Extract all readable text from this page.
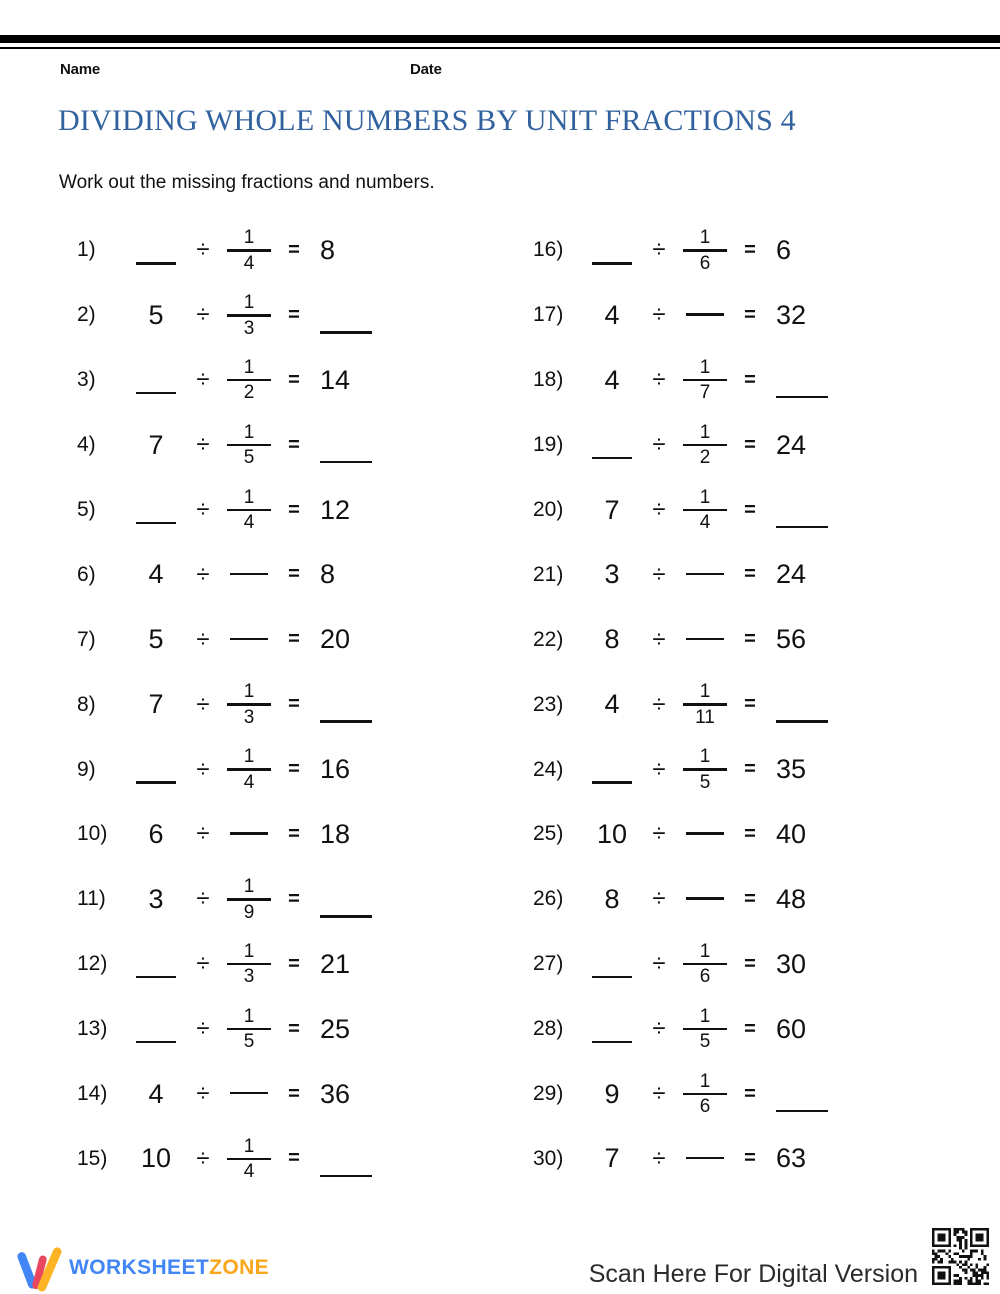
Name	Date
DIVIDING WHOLE NUMBERS BY UNIT FRACTIONS 4
Work out the missing fractions and numbers.
1)	÷ $\frac{1}{4} = 8$
2)	5	÷ $\frac{1}{3}$ =
3)	÷ $\frac{1}{2} = 14$
4)	7	÷ $\frac{1}{5}$ =
5)	÷ $\frac{1}{4} = 12$
6)	4	÷	= 8
7)	5	÷	= 20
8)	7	÷ $\frac{1}{3}$ =
9)	÷ $\frac{1}{4} = 16$
10)	6	÷	= 18
11)	3	÷ $\frac{1}{9}$ =
12)	÷ $\frac{1}{3} = 21$
13)	÷ $\frac{1}{5} = 25$
14)	4	÷	= 36
15)	10	÷ $\frac{1}{4}$ =
16)	÷ $\frac{1}{6} = 6$
17)	4	÷	= 32
18)	4	÷ $\frac{1}{7}$ =
19)	÷ $\frac{1}{2} = 24$
20)	7	÷ $\frac{1}{4}$ =
21)	3	÷	= 24
22)	8	÷	= 56
23)	4	÷ $\frac{1}{11}$ =
24)	÷ $\frac{1}{5} = 35$
25)	10	÷	= 40
26)	8	÷	= 48
27)	÷ $\frac{1}{6} = 30$
28)	÷ $\frac{1}{5} = 60$
29)	9	÷ $\frac{1}{6}$ =
30)	7	÷	= 63
WORKSHEETZONE	Scan Here For Digital Version
